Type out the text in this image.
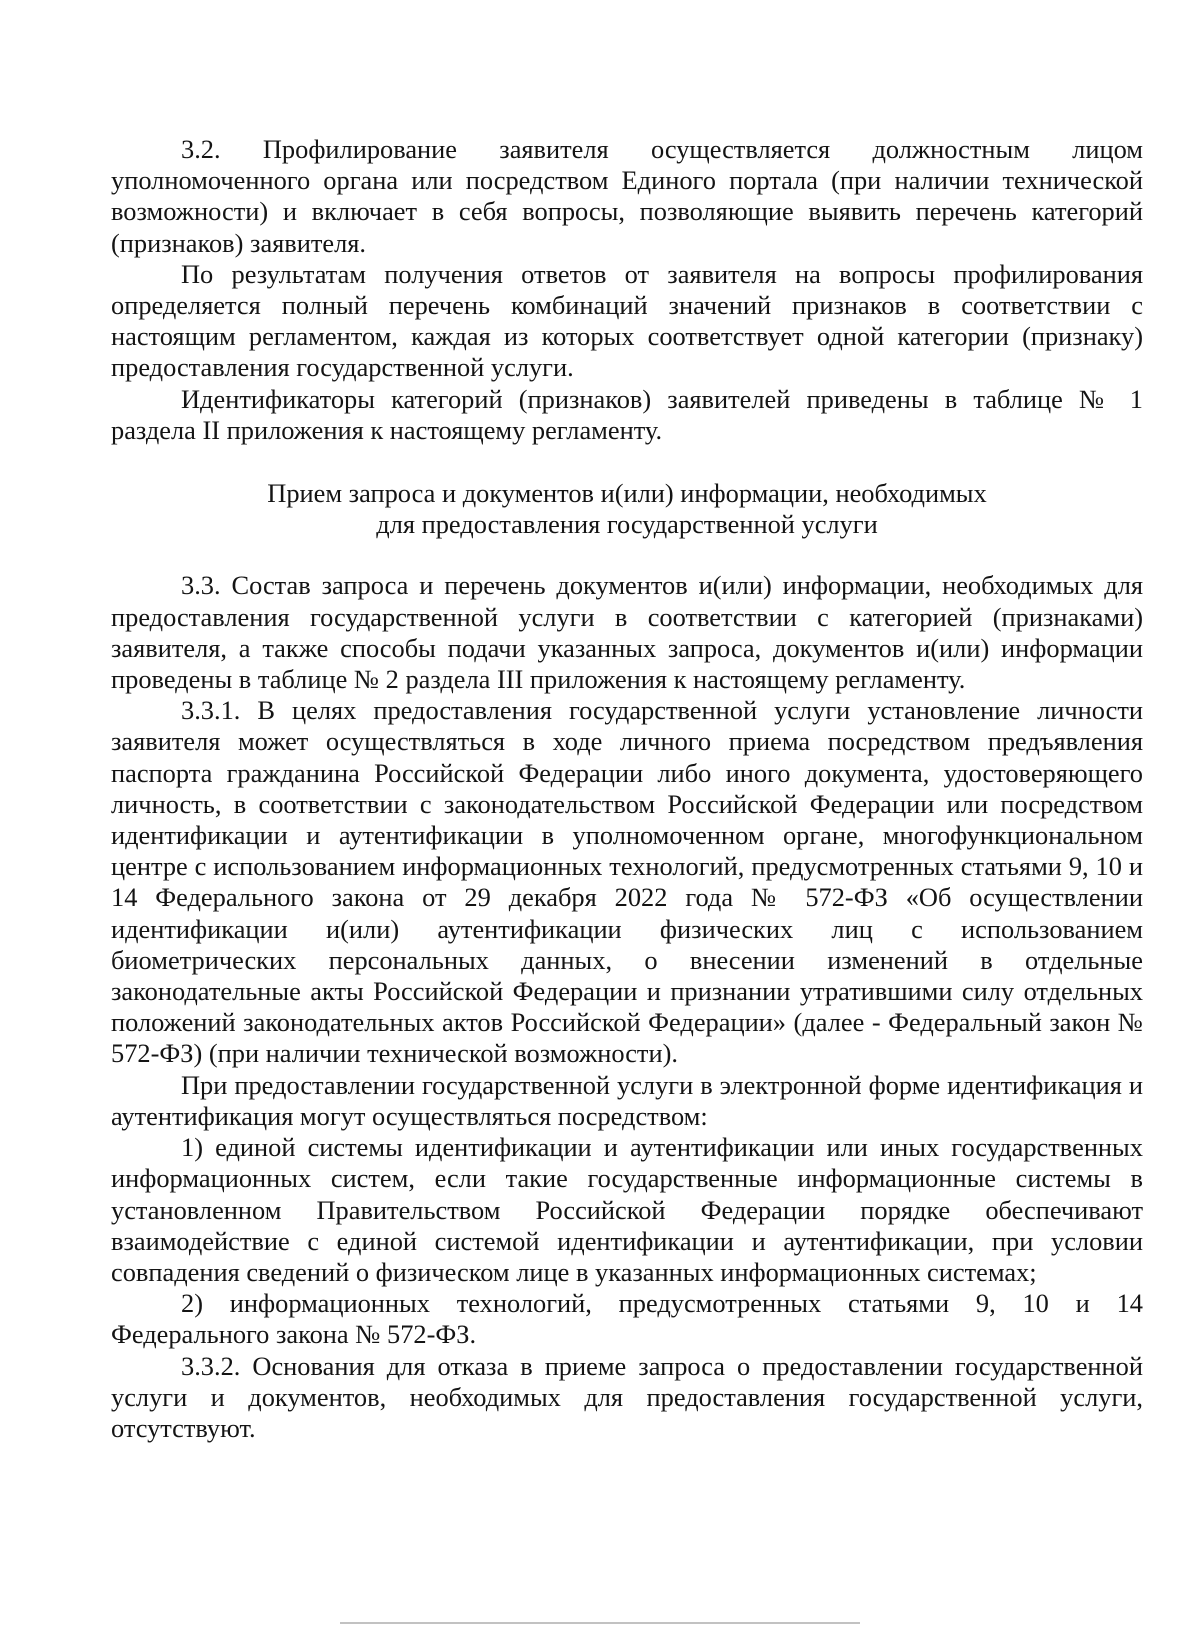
3.2. Профилирование заявителя осуществляется должностным лицом уполномоченного органа или посредством Единого портала (при наличии технической возможности) и включает в себя вопросы, позволяющие выявить перечень категорий (признаков) заявителя.

По результатам получения ответов от заявителя на вопросы профилирования определяется полный перечень комбинаций значений признаков в соответствии с настоящим регламентом, каждая из которых соответствует одной категории (признаку) предоставления государственной услуги.

Идентификаторы категорий (признаков) заявителей приведены в таблице № 1 раздела II приложения к настоящему регламенту.

Прием запроса и документов и(или) информации, необходимых
для предоставления государственной услуги

3.3. Состав запроса и перечень документов и(или) информации, необходимых для предоставления государственной услуги в соответствии с категорией (признаками) заявителя, а также способы подачи указанных запроса, документов и(или) информации проведены в таблице № 2 раздела III приложения к настоящему регламенту.

3.3.1. В целях предоставления государственной услуги установление личности заявителя может осуществляться в ходе личного приема посредством предъявления паспорта гражданина Российской Федерации либо иного документа, удостоверяющего личность, в соответствии с законодательством Российской Федерации или посредством идентификации и аутентификации в уполномоченном органе, многофункциональном центре с использованием информационных технологий, предусмотренных статьями 9, 10 и 14 Федерального закона от 29 декабря 2022 года № 572-ФЗ «Об осуществлении идентификации и(или) аутентификации физических лиц с использованием биометрических персональных данных, о внесении изменений в отдельные законодательные акты Российской Федерации и признании утратившими силу отдельных положений законодательных актов Российской Федерации» (далее - Федеральный закон № 572-ФЗ) (при наличии технической возможности).

При предоставлении государственной услуги в электронной форме идентификация и аутентификация могут осуществляться посредством:

1) единой системы идентификации и аутентификации или иных государственных информационных систем, если такие государственные информационные системы в установленном Правительством Российской Федерации порядке обеспечивают взаимодействие с единой системой идентификации и аутентификации, при условии совпадения сведений о физическом лице в указанных информационных системах;

2) информационных технологий, предусмотренных статьями 9, 10 и 14 Федерального закона № 572-ФЗ.

3.3.2. Основания для отказа в приеме запроса о предоставлении государственной услуги и документов, необходимых для предоставления государственной услуги, отсутствуют.
